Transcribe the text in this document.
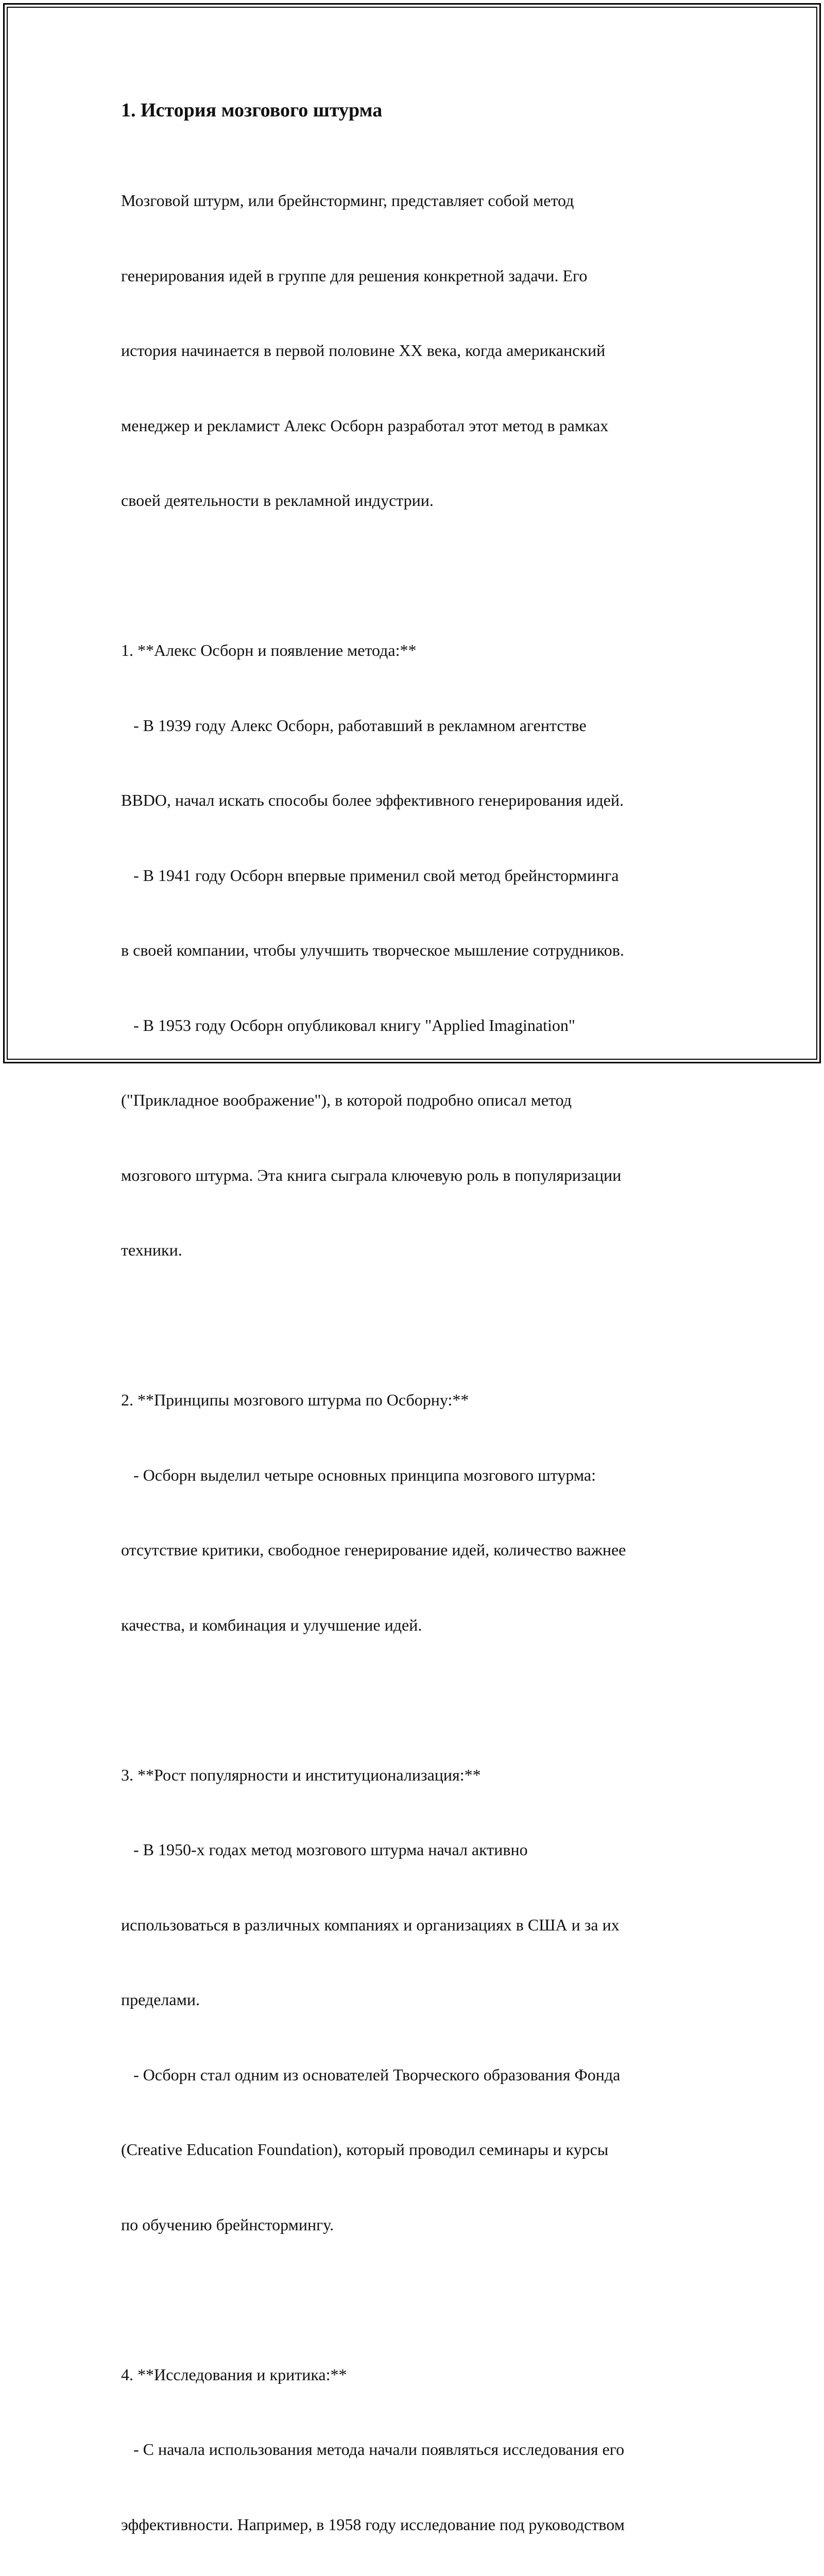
1. История мозгового штурма

Мозговой штурм, или брейнсторминг, представляет собой метод

генерирования идей в группе для решения конкретной задачи. Его

история начинается в первой половине XX века, когда американский

менеджер и рекламист Алекс Осборн разработал этот метод в рамках

своей деятельности в рекламной индустрии.

1. **Алекс Осборн и появление метода:**

- В 1939 году Алекс Осборн, работавший в рекламном агентстве

BBDO, начал искать способы более эффективного генерирования идей.

- В 1941 году Осборн впервые применил свой метод брейнсторминга

в своей компании, чтобы улучшить творческое мышление сотрудников.

- В 1953 году Осборн опубликовал книгу "Applied Imagination"

("Прикладное воображение"), в которой подробно описал метод

мозгового штурма. Эта книга сыграла ключевую роль в популяризации

техники.

2. **Принципы мозгового штурма по Осборну:**

- Осборн выделил четыре основных принципа мозгового штурма:

отсутствие критики, свободное генерирование идей, количество важнее

качества, и комбинация и улучшение идей.

3. **Рост популярности и институционализация:**

- В 1950-х годах метод мозгового штурма начал активно

использоваться в различных компаниях и организациях в США и за их

пределами.

- Осборн стал одним из основателей Творческого образования Фонда

(Creative Education Foundation), который проводил семинары и курсы

по обучению брейнстормингу.

4. **Исследования и критика:**

- С начала использования метода начали появляться исследования его

эффективности. Например, в 1958 году исследование под руководством
